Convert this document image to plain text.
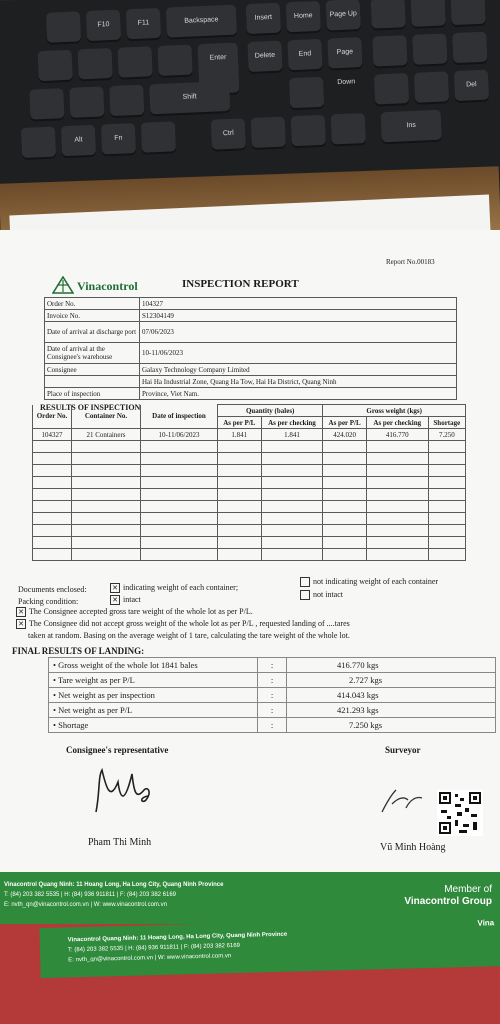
F10	F11	Backspace	Insert	Home	Page Up
Enter	Delete	End	Page Down
Shift
Del
Alt	Fn
Ctrl
Ins
Report No.00183
Vinacontrol	INSPECTION REPORT
Order No.	104327
Invoice No.	S12304149
Date of arrival at discharge port	07/06/2023
Date of arrival at the Consignee's warehouse	10-11/06/2023
Consignee	Galaxy Technology Company Limited
	Hai Ha Industrial Zone, Quang Ha Tow, Hai Ha District, Quang Ninh
Place of inspection	Province, Viet Nam.
RESULTS OF INSPECTION
Order No.	Container No.	Date of inspection	Quantity (bales)		Gross weight (kgs)		
			As per P/L	As per checking	As per P/L	As per checking	Shortage
104327	21 Containers	10-11/06/2023	1.841	1.841	424.020	416.770	7.250

Documents enclosed:	✕ indicating weight of each container;
not indicating weight of each container
Packing condition:	✕ intact
not intact
✕ The Consignee accepted gross tare weight of the whole lot as per P/L.
✕ The Consignee did not accept gross weight of the whole lot as per P/L , requested landing of ....tares
taken at random. Basing on the average weight of 1 tare, calculating the tare weight of the whole lot.
FINAL RESULTS OF LANDING:
• Gross weight of the whole lot 1841 bales	:	416.770 kgs
• Tare weight as per P/L	:	2.727 kgs
• Net weight as per inspection	:	414.043 kgs
• Net weight as per P/L	:	421.293 kgs
• Shortage	:	7.250 kgs
Consignee's representative	Surveyor
Pham Thi Minh	Vũ Minh Hoàng
Vinacontrol Quang Ninh: 11 Hoang Long, Ha Long City, Quang Ninh Province
T: (84) 203 382 5535 | H: (84) 936 911811 | F: (84) 203 382 6169
E: nvth_qn@vinacontrol.com.vn | W: www.vinacontrol.com.vn
Member of
Vinacontrol Group
Vinacontrol Quang Ninh: 11 Hoang Long, Ha Long City, Quang Ninh Province
T: (84) 203 382 5535 | H: (84) 936 911811 | F: (84) 203 382 6169
E: nvth_qn@vinacontrol.com.vn | W: www.vinacontrol.com.vn
Vina
